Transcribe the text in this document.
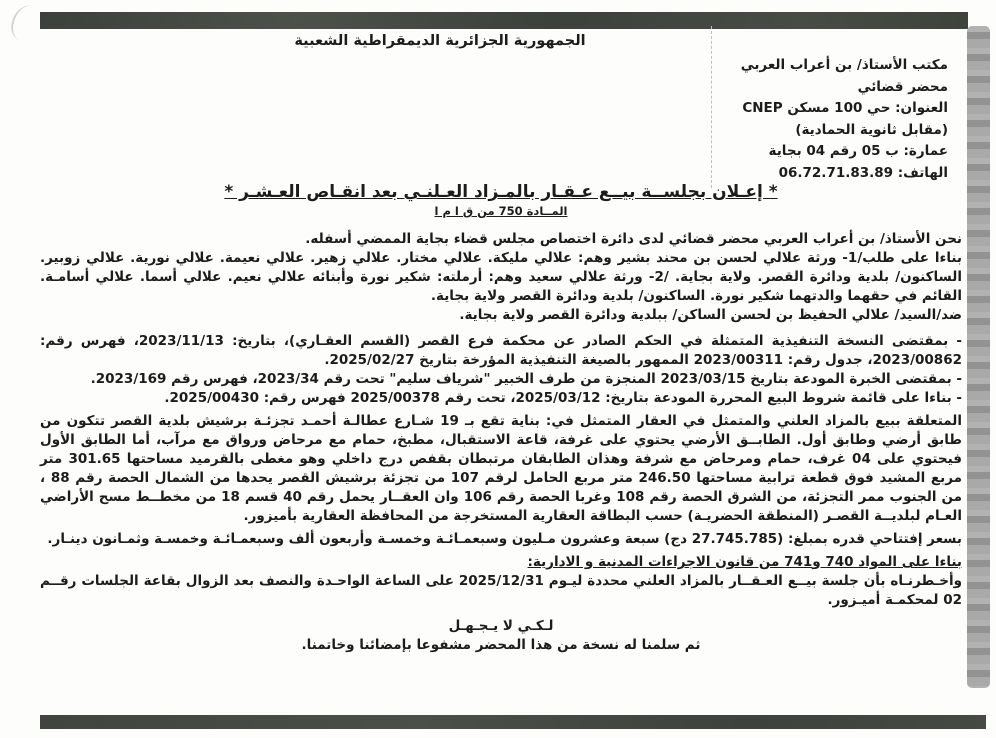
الجمهورية الجزائرية الديمقراطية الشعبية
مكتب الأستاذ/ بن أعراب العربي
محضر قضائي
العنوان: حي 100 مسكن CNEP
(مقابل ثانوية الحمادية)
عمارة: ب 05 رقم 04 بجاية
الهاتف: 06.72.71.83.89
* إعـلان بجلســة بيــع عـقـار بالمـزاد العـلنـي بعد انقـاص العـشـر *
المــادة 750 من ق ا م ا

نحن الأستاذ/ بن أعراب العربي محضر قضائي لدى دائرة اختصاص مجلس قضاء بجاية الممضي أسفله.

بناءا على طلب/1- ورثة علالي لحسن بن محند بشير وهم: علالي مليكة. علالي مختار. علالي زهير. علالي نعيمة. علالي نورية. علالي زوبير. الساكنون/ بلدية ودائرة القصر. ولاية بجاية. /2- ورثة علالي سعيد وهم: أرملته: شكير نورة وأبنائه علالي نعيم. علالي أسما. علالي أسامـة. القائم في حقهما والدتهما شكير نورة. الساكنون/ بلدية ودائرة القصر ولاية بجاية.

ضد/السيد/ علالي الحفيظ بن لحسن الساكن/ ببلدية ودائرة القصر ولاية بجاية.

- بمقتضى النسخة التنفيذية المتمثلة في الحكم الصادر عن محكمة فرع القصر (القسم العقـاري)، بتاريخ: 2023/11/13، فهرس رقم: 2023/00862، جدول رقم: 2023/00311 الممهور بالصيغة التنفيذية المؤرخة بتاريخ 2025/02/27.

- بمقتضى الخبرة المودعة بتاريخ 2023/03/15 المنجزة من طرف الخبير "شرياف سليم" تحت رقم 2023/34، فهرس رقم 2023/169.

- بناءا على قائمة شروط البيع المحررة المودعة بتاريخ: 2025/03/12، تحت رقم 2025/00378 فهرس رقم: 2025/00430.

المتعلقة ببيع بالمزاد العلني والمتمثل في العقار المتمثل في: بناية تقع بـ 19 شـارع عطالـة أحمـد تجزئـة برشيش بلدية القصر تتكون من طابق أرضي وطابق أول. الطابــق الأرضي يحتوي على غرفة، قاعة الاستقبال، مطبخ، حمام مع مرحاض ورواق مع مرآب، أما الطابق الأول فيحتوي على 04 غرف، حمام ومرحاض مع شرفة وهذان الطابقان مرتبطان بقفص درج داخلي وهو مغطى بالقرميد مساحتها 301.65 متر مربع المشيد فوق قطعة ترابية مساحتها 246.50 متر مربع الحامل لرقم 107 من تجزئة برشيش القصر يحدها من الشمال الحصة رقم 88 ، من الجنوب ممر التجزئة، من الشرق الحصة رقم 108 وغربا الحصة رقم 106 وان العقــار يحمل رقم 40 قسم 18 من مخطــط مسح الأراضي العـام لبلديــة القصـر (المنطقة الحضريـة) حسب البطاقة العقارية المستخرجة من المحافظة العقارية بأميزور.

بسعر إفتتاحي قدره بمبلغ: (27.745.785 دج) سبعة وعشرون مـليون وسبعمـائـة وخمسـة وأربعون ألف وسبعمـائـة وخمسـة وثمـانون دينـار.

بناءا على المواد 740 و741 من قانون الاجراءات المدنية و الادارية:

وأخـطرنـاه بأن جلسة بيــع العـقــار بالمزاد العلني محددة ليـوم 2025/12/31 على الساعة الواحـدة والنصف بعد الزوال بقاعة الجلسات رقــم 02 لمحكمـة أميـزور.

لـكـي لا يـجـهـل

ثم سلمنا له نسخة من هذا المحضر مشفوعا بإمضائنا وخاتمنا.
